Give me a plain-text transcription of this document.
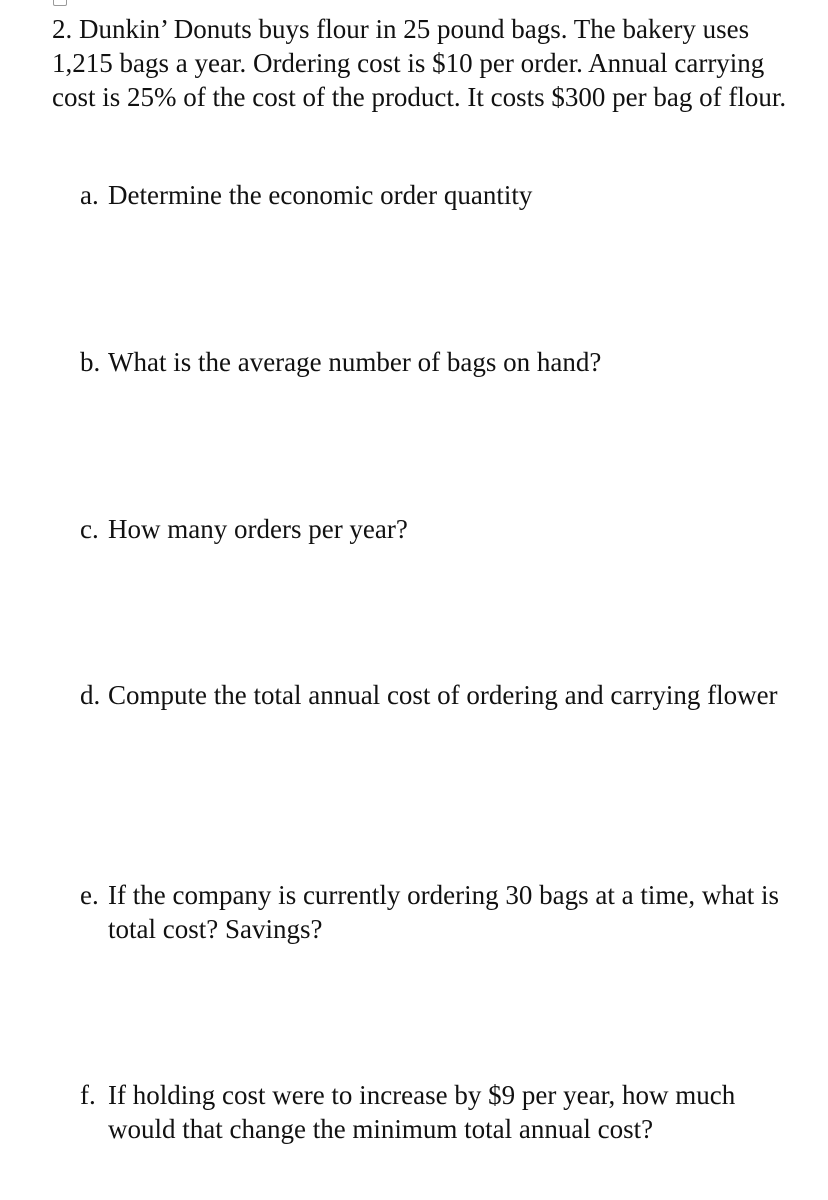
2. Dunkin’ Donuts buys flour in 25 pound bags. The bakery uses 1,215 bags a year. Ordering cost is $10 per order. Annual carrying cost is 25% of the cost of the product. It costs $300 per bag of flour.

a. Determine the economic order quantity
b. What is the average number of bags on hand?
c. How many orders per year?
d. Compute the total annual cost of ordering and carrying flower
e. If the company is currently ordering 30 bags at a time, what is total cost? Savings?
f. If holding cost were to increase by $9 per year, how much would that change the minimum total annual cost?
